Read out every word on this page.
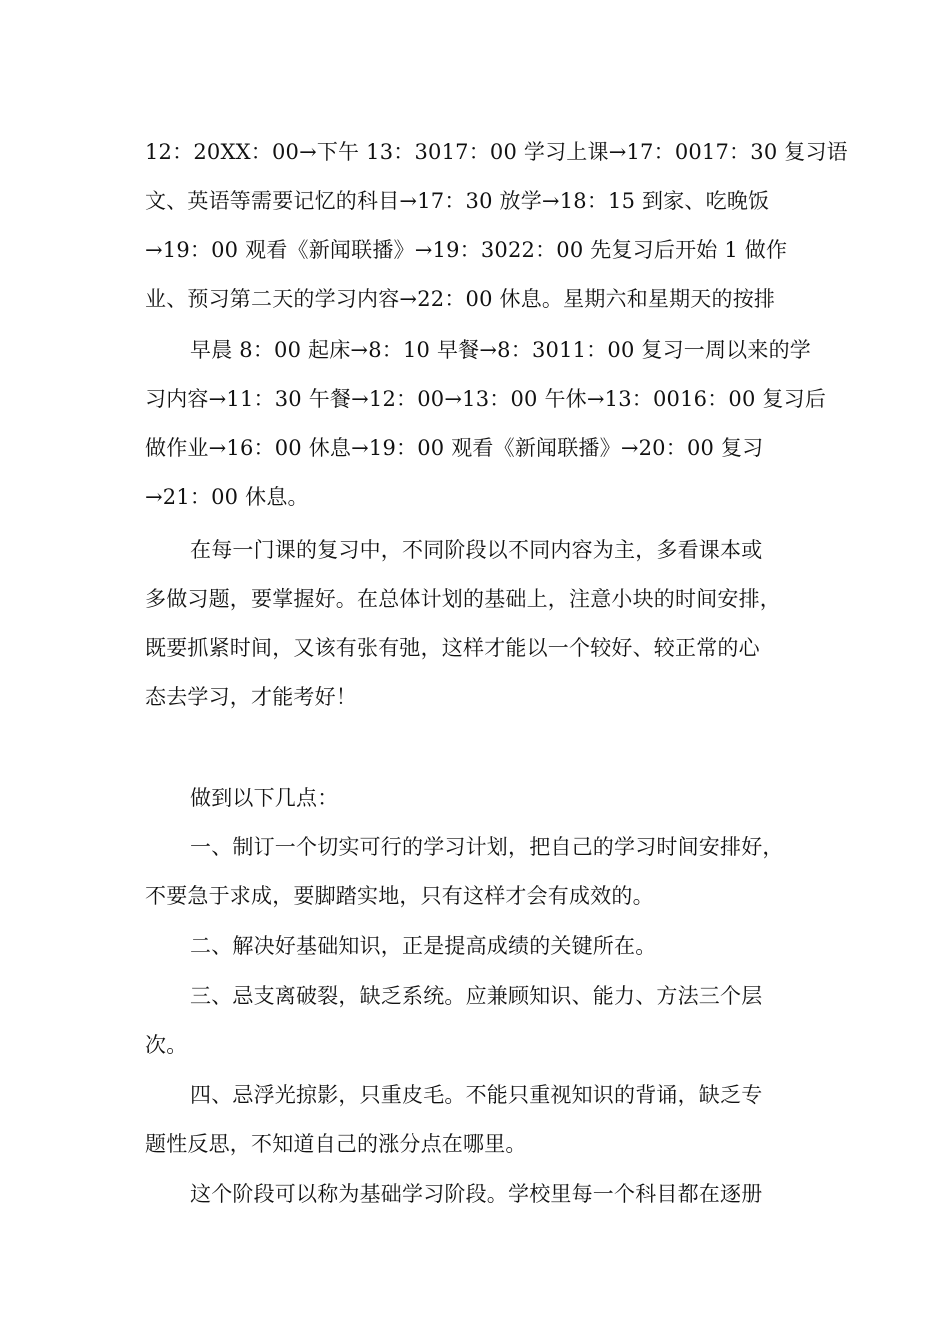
12：20XX：00→下午 13：3017：00 学习上课→17：0017：30 复习语
文、英语等需要记忆的科目→17：30 放学→18：15 到家、吃晚饭
→19：00 观看《新闻联播》→19：3022：00 先复习后开始 1 做作
业、预习第二天的学习内容→22：00 休息。星期六和星期天的按排
早晨 8：00 起床→8：10 早餐→8：3011：00 复习一周以来的学
习内容→11：30 午餐→12：00→13：00 午休→13：0016：00 复习后
做作业→16：00 休息→19：00 观看《新闻联播》→20：00 复习
→21：00 休息。
在每一门课的复习中，不同阶段以不同内容为主，多看课本或
多做习题，要掌握好。在总体计划的基础上，注意小块的时间安排，
既要抓紧时间，又该有张有弛，这样才能以一个较好、较正常的心
态去学习，才能考好！
做到以下几点：
一、制订一个切实可行的学习计划，把自己的学习时间安排好，
不要急于求成，要脚踏实地，只有这样才会有成效的。
二、解决好基础知识，正是提高成绩的关键所在。
三、忌支离破裂，缺乏系统。应兼顾知识、能力、方法三个层
次。
四、忌浮光掠影，只重皮毛。不能只重视知识的背诵，缺乏专
题性反思，不知道自己的涨分点在哪里。
这个阶段可以称为基础学习阶段。学校里每一个科目都在逐册
